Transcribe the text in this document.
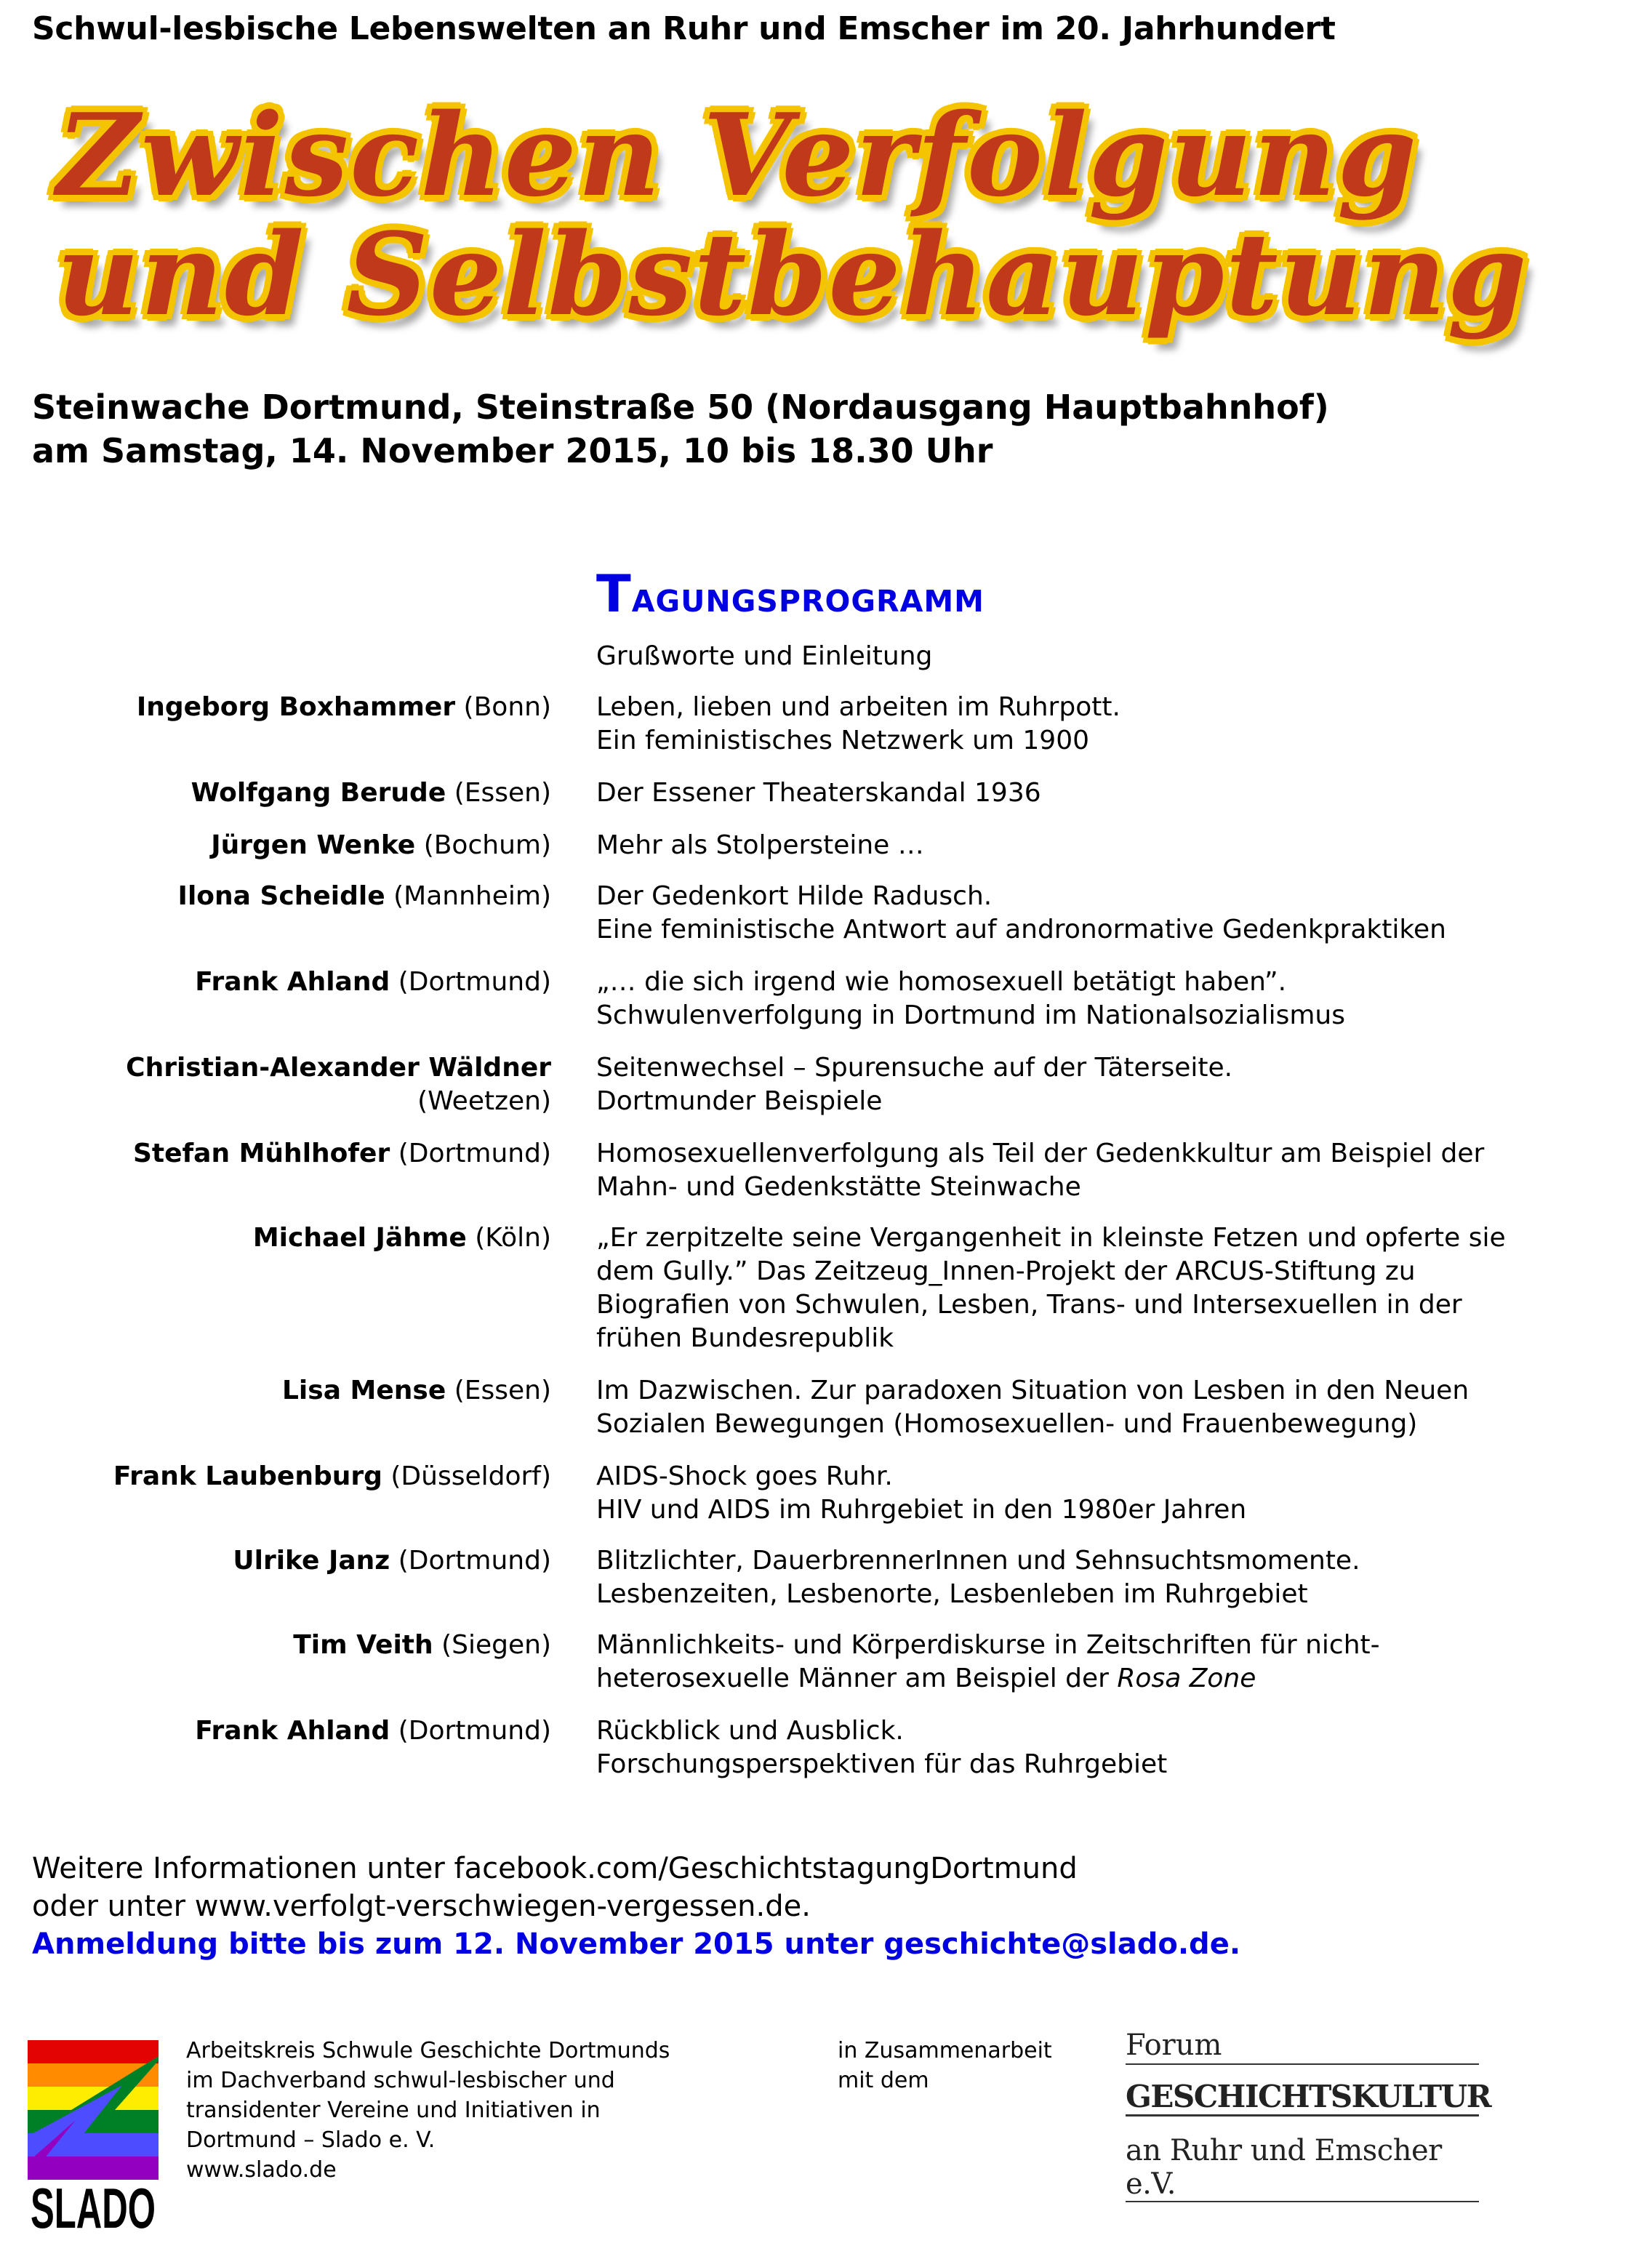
Schwul-lesbische Lebenswelten an Ruhr und Emscher im 20. Jahrhundert
Zwischen Verfolgung
und Selbstbehauptung
Steinwache Dortmund, Steinstraße 50 (Nordausgang Hauptbahnhof)
am Samstag, 14. November 2015, 10 bis 18.30 Uhr
Tagungsprogramm
Grußworte und Einleitung
Ingeborg Boxhammer (Bonn) Leben, lieben und arbeiten im Ruhrpott.
Ein feministisches Netzwerk um 1900
Wolfgang Berude (Essen) Der Essener Theaterskandal 1936
Jürgen Wenke (Bochum) Mehr als Stolpersteine …
Ilona Scheidle (Mannheim) Der Gedenkort Hilde Radusch.
Eine feministische Antwort auf andronormative Gedenkpraktiken
Frank Ahland (Dortmund) „… die sich irgend wie homosexuell betätigt haben”.
Schwulenverfolgung in Dortmund im Nationalsozialismus
Christian-Alexander Wäldner
(Weetzen)
Seitenwechsel – Spurensuche auf der Täterseite.
Dortmunder Beispiele
Stefan Mühlhofer (Dortmund) Homosexuellenverfolgung als Teil der Gedenkkultur am Beispiel der
Mahn- und Gedenkstätte Steinwache
Michael Jähme (Köln) „Er zerpitzelte seine Vergangenheit in kleinste Fetzen und opferte sie
dem Gully.” Das Zeitzeug_Innen-Projekt der ARCUS-Stiftung zu
Biografien von Schwulen, Lesben, Trans- und Intersexuellen in der
frühen Bundesrepublik
Lisa Mense (Essen) Im Dazwischen. Zur paradoxen Situation von Lesben in den Neuen
Sozialen Bewegungen (Homosexuellen- und Frauenbewegung)
Frank Laubenburg (Düsseldorf) AIDS-Shock goes Ruhr.
HIV und AIDS im Ruhrgebiet in den 1980er Jahren
Ulrike Janz (Dortmund) Blitzlichter, DauerbrennerInnen und Sehnsuchtsmomente.
Lesbenzeiten, Lesbenorte, Lesbenleben im Ruhrgebiet
Tim Veith (Siegen) Männlichkeits- und Körperdiskurse in Zeitschriften für nicht-
heterosexuelle Männer am Beispiel der Rosa Zone
Frank Ahland (Dortmund) Rückblick und Ausblick.
Forschungsperspektiven für das Ruhrgebiet
Weitere Informationen unter facebook.com/GeschichtstagungDortmund
oder unter www.verfolgt-verschwiegen-vergessen.de.
Anmeldung bitte bis zum 12. November 2015 unter geschichte@slado.de.
SLADO
Arbeitskreis Schwule Geschichte Dortmunds
im Dachverband schwul-lesbischer und
transidenter Vereine und Initiativen in
Dortmund – Slado e. V.
www.slado.de
in Zusammenarbeit
mit dem
Forum
GESCHICHTSKULTUR
an Ruhr und Emscher e.V.
